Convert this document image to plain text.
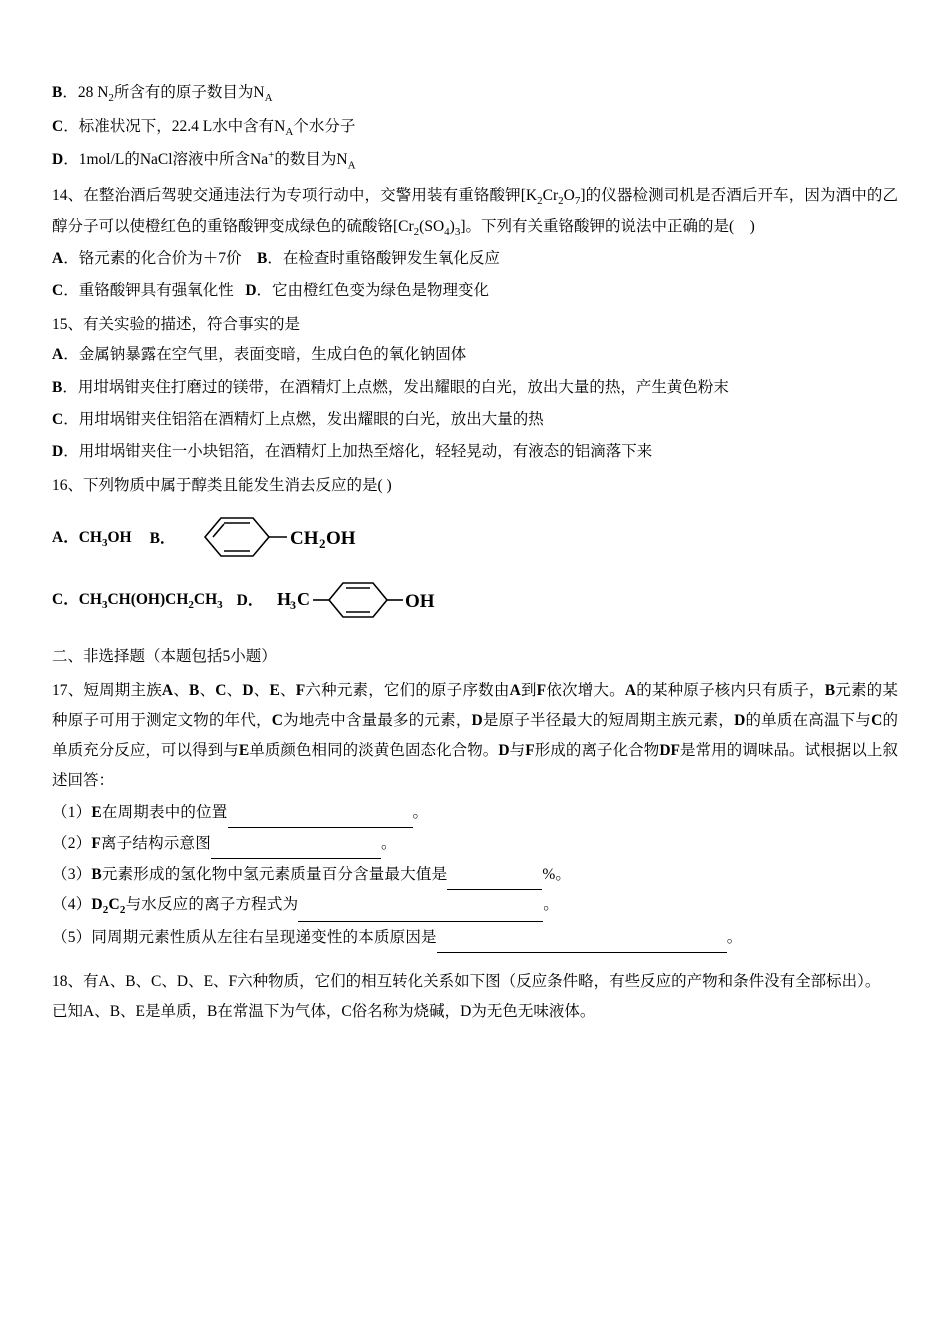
B．28 $N_2$所含有的原子数目为$N_A$
C．标准状况下，22.4 L水中含有$N_A$个水分子
D．1mol/L的NaCl溶液中所含Na+的数目为$N_A$
14、在整治酒后驾驶交通违法行为专项行动中，交警用装有重铬酸钾$[K_2Cr_2O_7]$的仪器检测司机是否酒后开车，因为酒中的乙醇分子可以使橙红色的重铬酸钾变成绿色的硫酸铬$[Cr_2(SO_4)_3]$。下列有关重铬酸钾的说法中正确的是(    )
A．铬元素的化合价为＋7价    B．在检查时重铬酸钾发生氧化反应
C．重铬酸钾具有强氧化性   D．它由橙红色变为绿色是物理变化
15、有关实验的描述，符合事实的是
A．金属钠暴露在空气里，表面变暗，生成白色的氧化钠固体
B．用坩埚钳夹住打磨过的镁带，在酒精灯上点燃，发出耀眼的白光，放出大量的热，产生黄色粉末
C．用坩埚钳夹住铝箔在酒精灯上点燃，发出耀眼的白光，放出大量的热
D．用坩埚钳夹住一小块铝箔，在酒精灯上加热至熔化，轻轻晃动，有液态的铝滴落下来
16、下列物质中属于醇类且能发生消去反应的是( )
A．$CH_3OH$ B．	CH 2 OH
C．$CH_3CH(OH)CH_2CH_3$ D． H
3 C	OH
二、非选择题（本题包括5小题）
17、短周期主族A、B、C、D、E、F六种元素，它们的原子序数由A到F依次增大。A的某种原子核内只有质子，B元素的某种原子可用于测定文物的年代，C为地壳中含量最多的元素，D是原子半径最大的短周期主族元素，D的单质在高温下与C的单质充分反应，可以得到与E单质颜色相同的淡黄色固态化合物。D与F形成的离子化合物DF是常用的调味品。试根据以上叙述回答：
（1）E在周期表中的位置	。
（2）F离子结构示意图	。
（3）B元素形成的氢化物中氢元素质量百分含量最大值是	%。
$(4)D_2C_2$与水反应的离子方程式为	。
（5）同周期元素性质从左往右呈现递变性的本质原因是	。
18、有A、B、C、D、E、F六种物质，它们的相互转化关系如下图（反应条件略，有些反应的产物和条件没有全部标出）。
已知A、B、E是单质，B在常温下为气体，C俗名称为烧碱，D为无色无味液体。
